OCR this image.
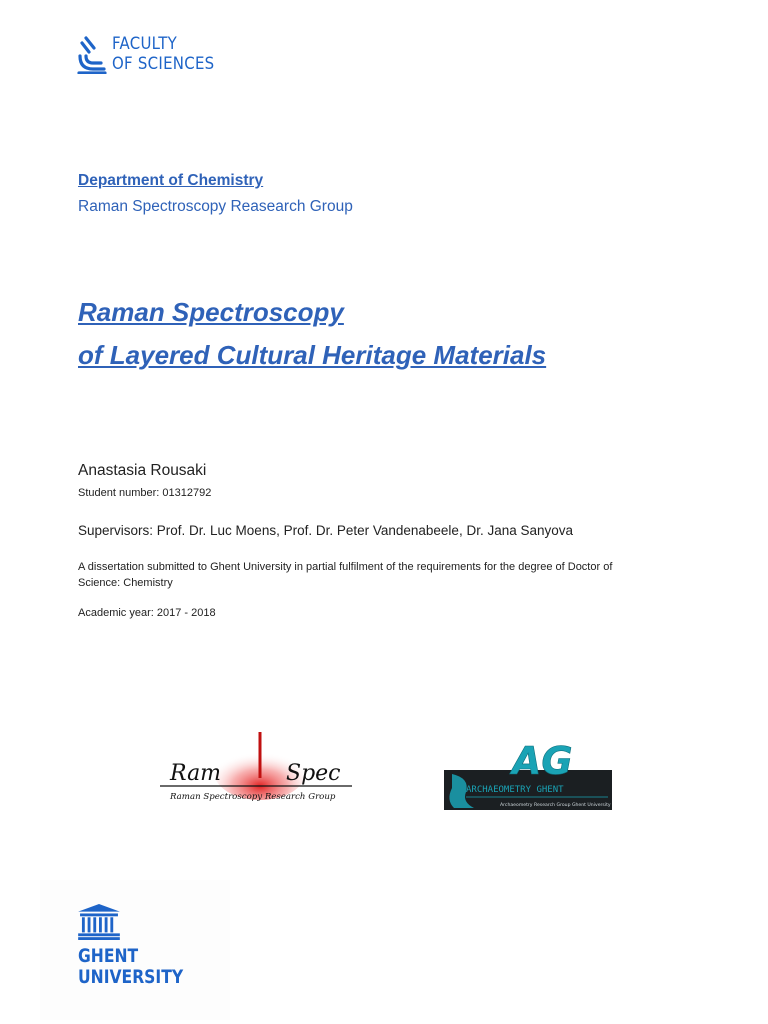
FACULTY
OF SCIENCES
Department of Chemistry
Raman Spectroscopy Reasearch Group
Raman Spectroscopy
of Layered Cultural Heritage Materials
Anastasia Rousaki
Student number: 01312792
Supervisors: Prof. Dr. Luc Moens, Prof. Dr. Peter Vandenabeele, Dr. Jana Sanyova
A dissertation submitted to Ghent University in partial fulfilment of the requirements for the degree of Doctor of Science: Chemistry
Academic year: 2017 - 2018
Ram	Spec
Raman Spectroscopy Research Group
AG
ARCHAEOMETRY GHENT
Archaeometry Research Group Ghent University
GHENT
UNIVERSITY
